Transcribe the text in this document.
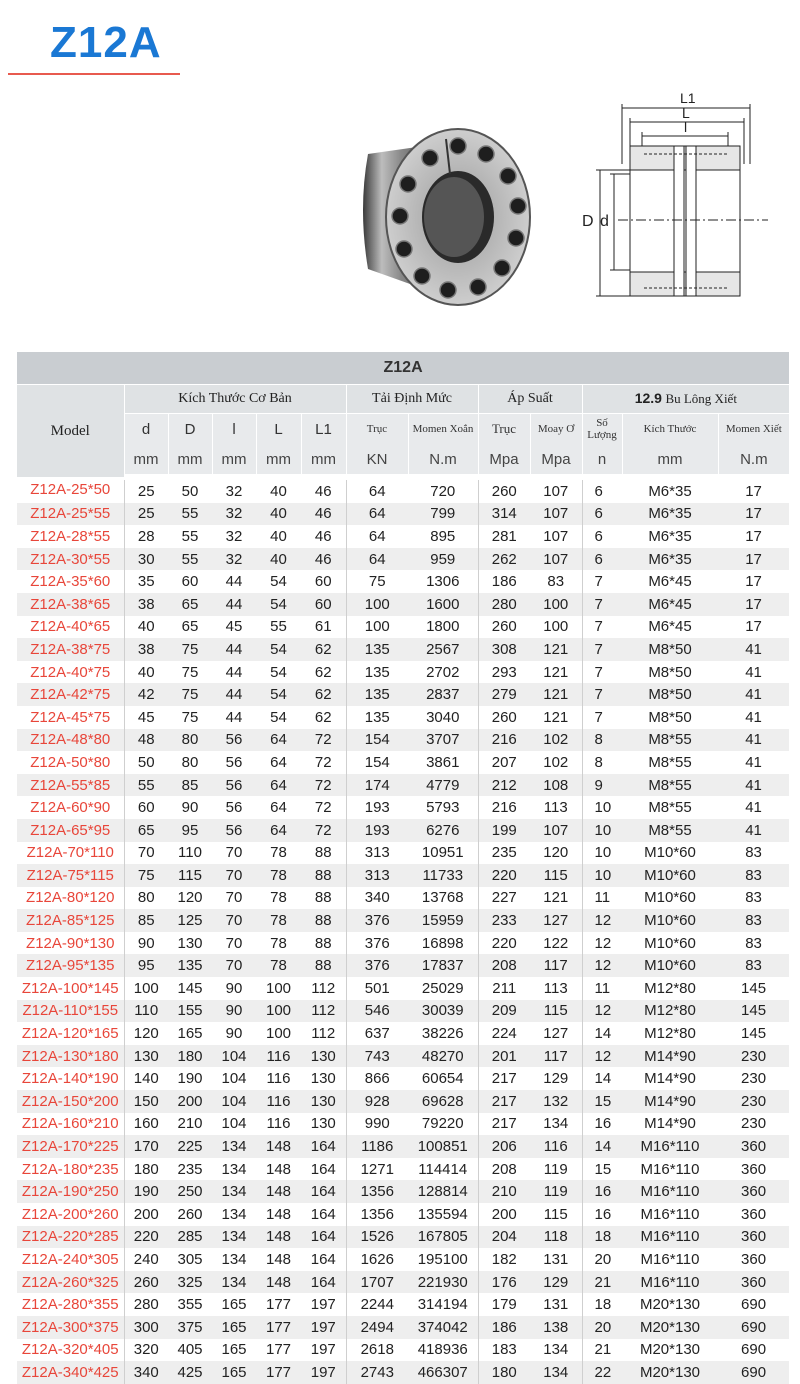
Z12A
L1
L
l
D d
Z12A												
Model	Kích Thước Cơ Bản					Tải Định Mức		Áp Suất		12.9 Bu Lông Xiết		
	d	D	l	L	L1	Trục	Momen Xoắn	Trục	Moay Ơ	Số Lượng	Kích Thước	Momen Xiết
	mm	mm	mm	mm	mm	KN	N.m	Mpa	Mpa	n	mm	N.m
Z12A-25*50	25	50	32	40	46	64	720	260	107	6	M6*35	17
Z12A-25*55	25	55	32	40	46	64	799	314	107	6	M6*35	17
Z12A-28*55	28	55	32	40	46	64	895	281	107	6	M6*35	17
Z12A-30*55	30	55	32	40	46	64	959	262	107	6	M6*35	17
Z12A-35*60	35	60	44	54	60	75	1306	186	83	7	M6*45	17
Z12A-38*65	38	65	44	54	60	100	1600	280	100	7	M6*45	17
Z12A-40*65	40	65	45	55	61	100	1800	260	100	7	M6*45	17
Z12A-38*75	38	75	44	54	62	135	2567	308	121	7	M8*50	41
Z12A-40*75	40	75	44	54	62	135	2702	293	121	7	M8*50	41
Z12A-42*75	42	75	44	54	62	135	2837	279	121	7	M8*50	41
Z12A-45*75	45	75	44	54	62	135	3040	260	121	7	M8*50	41
Z12A-48*80	48	80	56	64	72	154	3707	216	102	8	M8*55	41
Z12A-50*80	50	80	56	64	72	154	3861	207	102	8	M8*55	41
Z12A-55*85	55	85	56	64	72	174	4779	212	108	9	M8*55	41
Z12A-60*90	60	90	56	64	72	193	5793	216	113	10	M8*55	41
Z12A-65*95	65	95	56	64	72	193	6276	199	107	10	M8*55	41
Z12A-70*110	70	110	70	78	88	313	10951	235	120	10	M10*60	83
Z12A-75*115	75	115	70	78	88	313	11733	220	115	10	M10*60	83
Z12A-80*120	80	120	70	78	88	340	13768	227	121	11	M10*60	83
Z12A-85*125	85	125	70	78	88	376	15959	233	127	12	M10*60	83
Z12A-90*130	90	130	70	78	88	376	16898	220	122	12	M10*60	83
Z12A-95*135	95	135	70	78	88	376	17837	208	117	12	M10*60	83
Z12A-100*145	100	145	90	100	112	501	25029	211	113	11	M12*80	145
Z12A-110*155	110	155	90	100	112	546	30039	209	115	12	M12*80	145
Z12A-120*165	120	165	90	100	112	637	38226	224	127	14	M12*80	145
Z12A-130*180	130	180	104	116	130	743	48270	201	117	12	M14*90	230
Z12A-140*190	140	190	104	116	130	866	60654	217	129	14	M14*90	230
Z12A-150*200	150	200	104	116	130	928	69628	217	132	15	M14*90	230
Z12A-160*210	160	210	104	116	130	990	79220	217	134	16	M14*90	230
Z12A-170*225	170	225	134	148	164	1186	100851	206	116	14	M16*110	360
Z12A-180*235	180	235	134	148	164	1271	114414	208	119	15	M16*110	360
Z12A-190*250	190	250	134	148	164	1356	128814	210	119	16	M16*110	360
Z12A-200*260	200	260	134	148	164	1356	135594	200	115	16	M16*110	360
Z12A-220*285	220	285	134	148	164	1526	167805	204	118	18	M16*110	360
Z12A-240*305	240	305	134	148	164	1626	195100	182	131	20	M16*110	360
Z12A-260*325	260	325	134	148	164	1707	221930	176	129	21	M16*110	360
Z12A-280*355	280	355	165	177	197	2244	314194	179	131	18	M20*130	690
Z12A-300*375	300	375	165	177	197	2494	374042	186	138	20	M20*130	690
Z12A-320*405	320	405	165	177	197	2618	418936	183	134	21	M20*130	690
Z12A-340*425	340	425	165	177	197	2743	466307	180	134	22	M20*130	690
